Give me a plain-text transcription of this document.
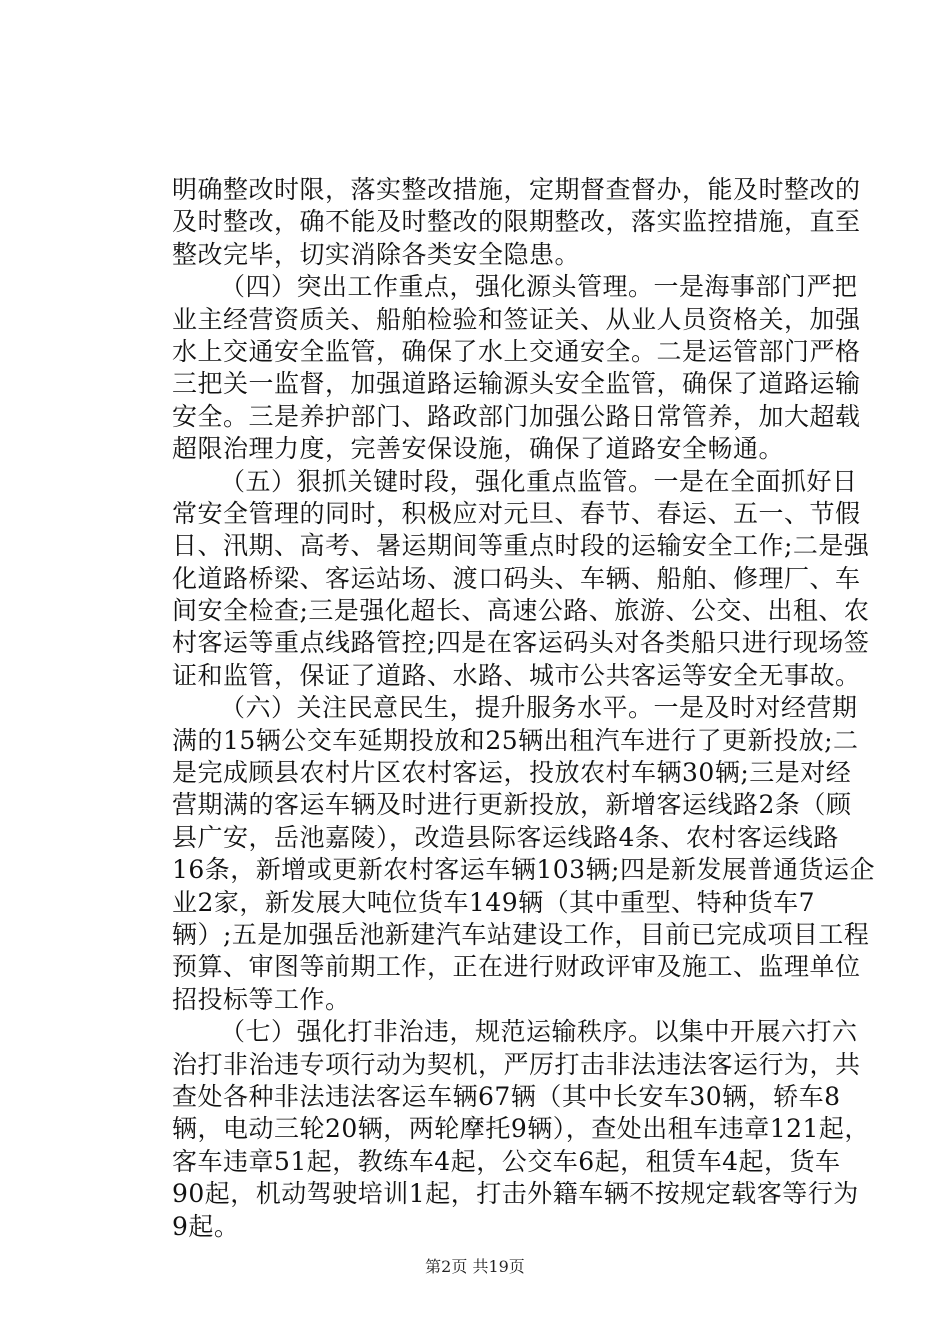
明确整改时限，落实整改措施，定期督查督办，能及时整改的
及时整改，确不能及时整改的限期整改，落实监控措施，直至
整改完毕，切实消除各类安全隐患。
（四）突出工作重点，强化源头管理。一是海事部门严把
业主经营资质关、船舶检验和签证关、从业人员资格关，加强
水上交通安全监管，确保了水上交通安全。二是运管部门严格
三把关一监督，加强道路运输源头安全监管，确保了道路运输
安全。三是养护部门、路政部门加强公路日常管养，加大超载
超限治理力度，完善安保设施，确保了道路安全畅通。
（五）狠抓关键时段，强化重点监管。一是在全面抓好日
常安全管理的同时，积极应对元旦、春节、春运、五一、节假
日、汛期、高考、暑运期间等重点时段的运输安全工作;二是强
化道路桥梁、客运站场、渡口码头、车辆、船舶、修理厂、车
间安全检查;三是强化超长、高速公路、旅游、公交、出租、农
村客运等重点线路管控;四是在客运码头对各类船只进行现场签
证和监管，保证了道路、水路、城市公共客运等安全无事故。
（六）关注民意民生，提升服务水平。一是及时对经营期
满的15辆公交车延期投放和25辆出租汽车进行了更新投放;二
是完成顾县农村片区农村客运，投放农村车辆30辆;三是对经
营期满的客运车辆及时进行更新投放，新增客运线路2条（顾
县广安，岳池嘉陵），改造县际客运线路4条、农村客运线路
16条，新增或更新农村客运车辆103辆;四是新发展普通货运企
业2家，新发展大吨位货车149辆（其中重型、特种货车7
辆）;五是加强岳池新建汽车站建设工作，目前已完成项目工程
预算、审图等前期工作，正在进行财政评审及施工、监理单位
招投标等工作。
（七）强化打非治违，规范运输秩序。以集中开展六打六
治打非治违专项行动为契机，严厉打击非法违法客运行为，共
查处各种非法违法客运车辆67辆（其中长安车30辆，轿车8
辆，电动三轮20辆，两轮摩托9辆），查处出租车违章121起，
客车违章51起，教练车4起，公交车6起，租赁车4起，货车
90起，机动驾驶培训1起，打击外籍车辆不按规定载客等行为
9起。
第2页 共19页
